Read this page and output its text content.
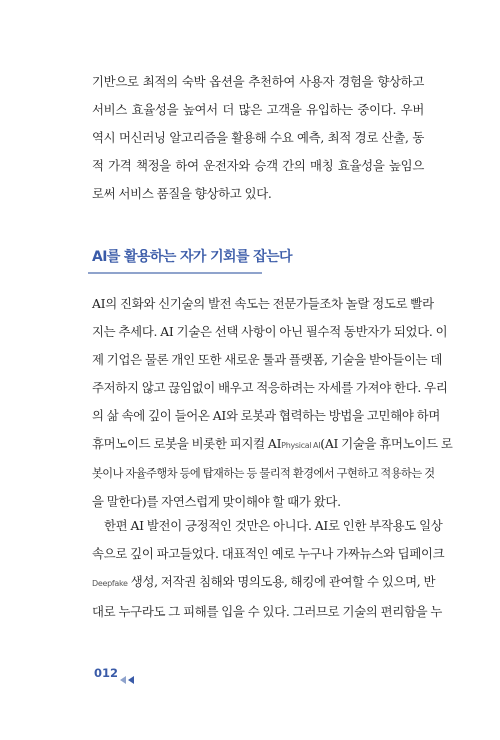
기반으로 최적의 숙박 옵션을 추천하여 사용자 경험을 향상하고
서비스 효율성을 높여서 더 많은 고객을 유입하는 중이다. 우버
역시 머신러닝 알고리즘을 활용해 수요 예측, 최적 경로 산출, 동
적 가격 책정을 하여 운전자와 승객 간의 매칭 효율성을 높임으
로써 서비스 품질을 향상하고 있다.
AI를 활용하는 자가 기회를 잡는다
AI의 진화와 신기술의 발전 속도는 전문가들조차 놀랄 정도로 빨라
지는 추세다. AI 기술은 선택 사항이 아닌 필수적 동반자가 되었다. 이
제 기업은 물론 개인 또한 새로운 툴과 플랫폼, 기술을 받아들이는 데
주저하지 않고 끊임없이 배우고 적응하려는 자세를 가져야 한다. 우리
의 삶 속에 깊이 들어온 AI와 로봇과 협력하는 방법을 고민해야 하며
휴머노이드 로봇을 비롯한 피지컬 AIPhysical AI(AI 기술을 휴머노이드 로
봇이나 자율주행차 등에 탑재하는 등 물리적 환경에서 구현하고 적용하는 것
을 말한다)를 자연스럽게 맞이해야 할 때가 왔다.
한편 AI 발전이 긍정적인 것만은 아니다. AI로 인한 부작용도 일상
속으로 깊이 파고들었다. 대표적인 예로 누구나 가짜뉴스와 딥페이크
Deepfake 생성, 저작권 침해와 명의도용, 해킹에 관여할 수 있으며, 반
대로 누구라도 그 피해를 입을 수 있다. 그러므로 기술의 편리함을 누
012
